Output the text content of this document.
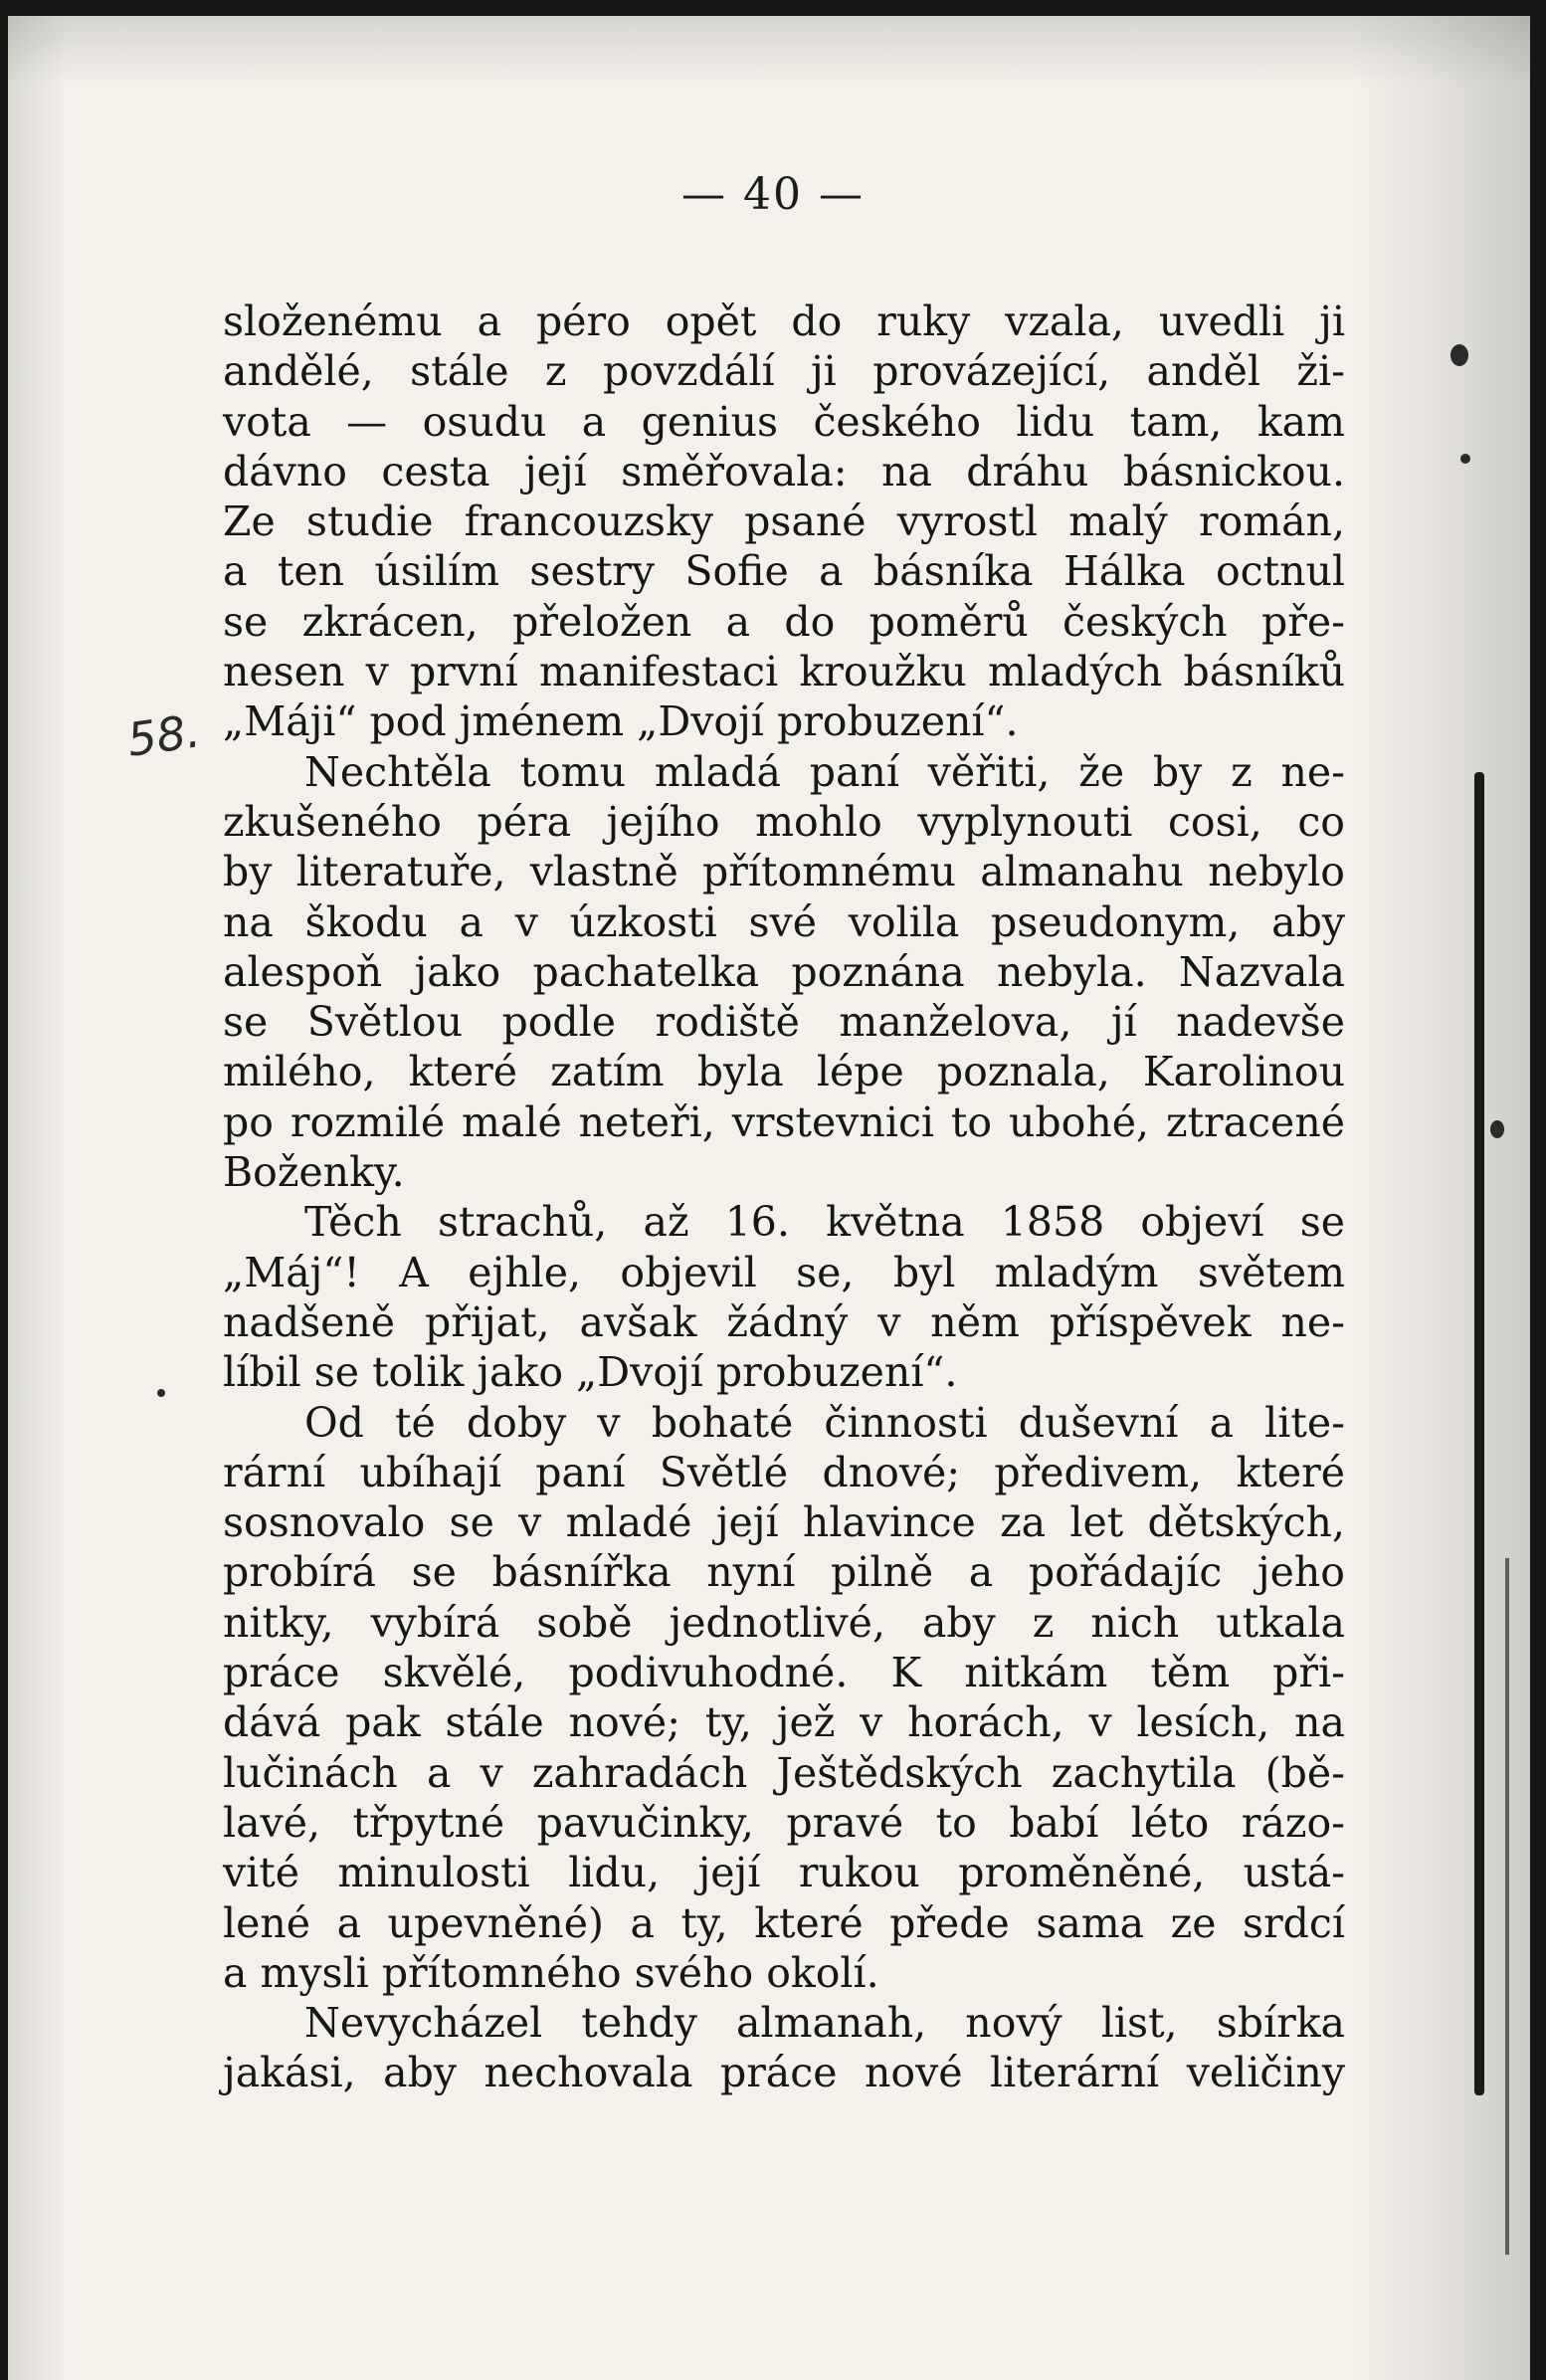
— 40 —
58.
složenému a péro opět do ruky vzala, uvedli ji
andělé, stále z povzdálí ji provázející, anděl ži-
vota — osudu a genius českého lidu tam, kam
dávno cesta její směřovala: na dráhu básnickou.
Ze studie francouzsky psané vyrostl malý román,
a ten úsilím sestry Sofie a básníka Hálka octnul
se zkrácen, přeložen a do poměrů českých pře-
nesen v první manifestaci kroužku mladých básníků
„Máji“ pod jménem „Dvojí probuzení“.
Nechtěla tomu mladá paní věřiti, že by z ne-
zkušeného péra jejího mohlo vyplynouti cosi, co
by literatuře, vlastně přítomnému almanahu nebylo
na škodu a v úzkosti své volila pseudonym, aby
alespoň jako pachatelka poznána nebyla. Nazvala
se Světlou podle rodiště manželova, jí nadevše
milého, které zatím byla lépe poznala, Karolinou
po rozmilé malé neteři, vrstevnici to ubohé, ztracené
Boženky.
Těch strachů, až 16. května 1858 objeví se
„Máj“! A ejhle, objevil se, byl mladým světem
nadšeně přijat, avšak žádný v něm příspěvek ne-
líbil se tolik jako „Dvojí probuzení“.
Od té doby v bohaté činnosti duševní a lite-
rární ubíhají paní Světlé dnové; předivem, které
sosnovalo se v mladé její hlavince za let dětských,
probírá se básnířka nyní pilně a pořádajíc jeho
nitky, vybírá sobě jednotlivé, aby z nich utkala
práce skvělé, podivuhodné. K nitkám těm při-
dává pak stále nové; ty, jež v horách, v lesích, na
lučinách a v zahradách Ještědských zachytila (bě-
lavé, třpytné pavučinky, pravé to babí léto rázo-
vité minulosti lidu, její rukou proměněné, ustá-
lené a upevněné) a ty, které přede sama ze srdcí
a mysli přítomného svého okolí.
Nevycházel tehdy almanah, nový list, sbírka
jakási, aby nechovala práce nové literární veličiny
